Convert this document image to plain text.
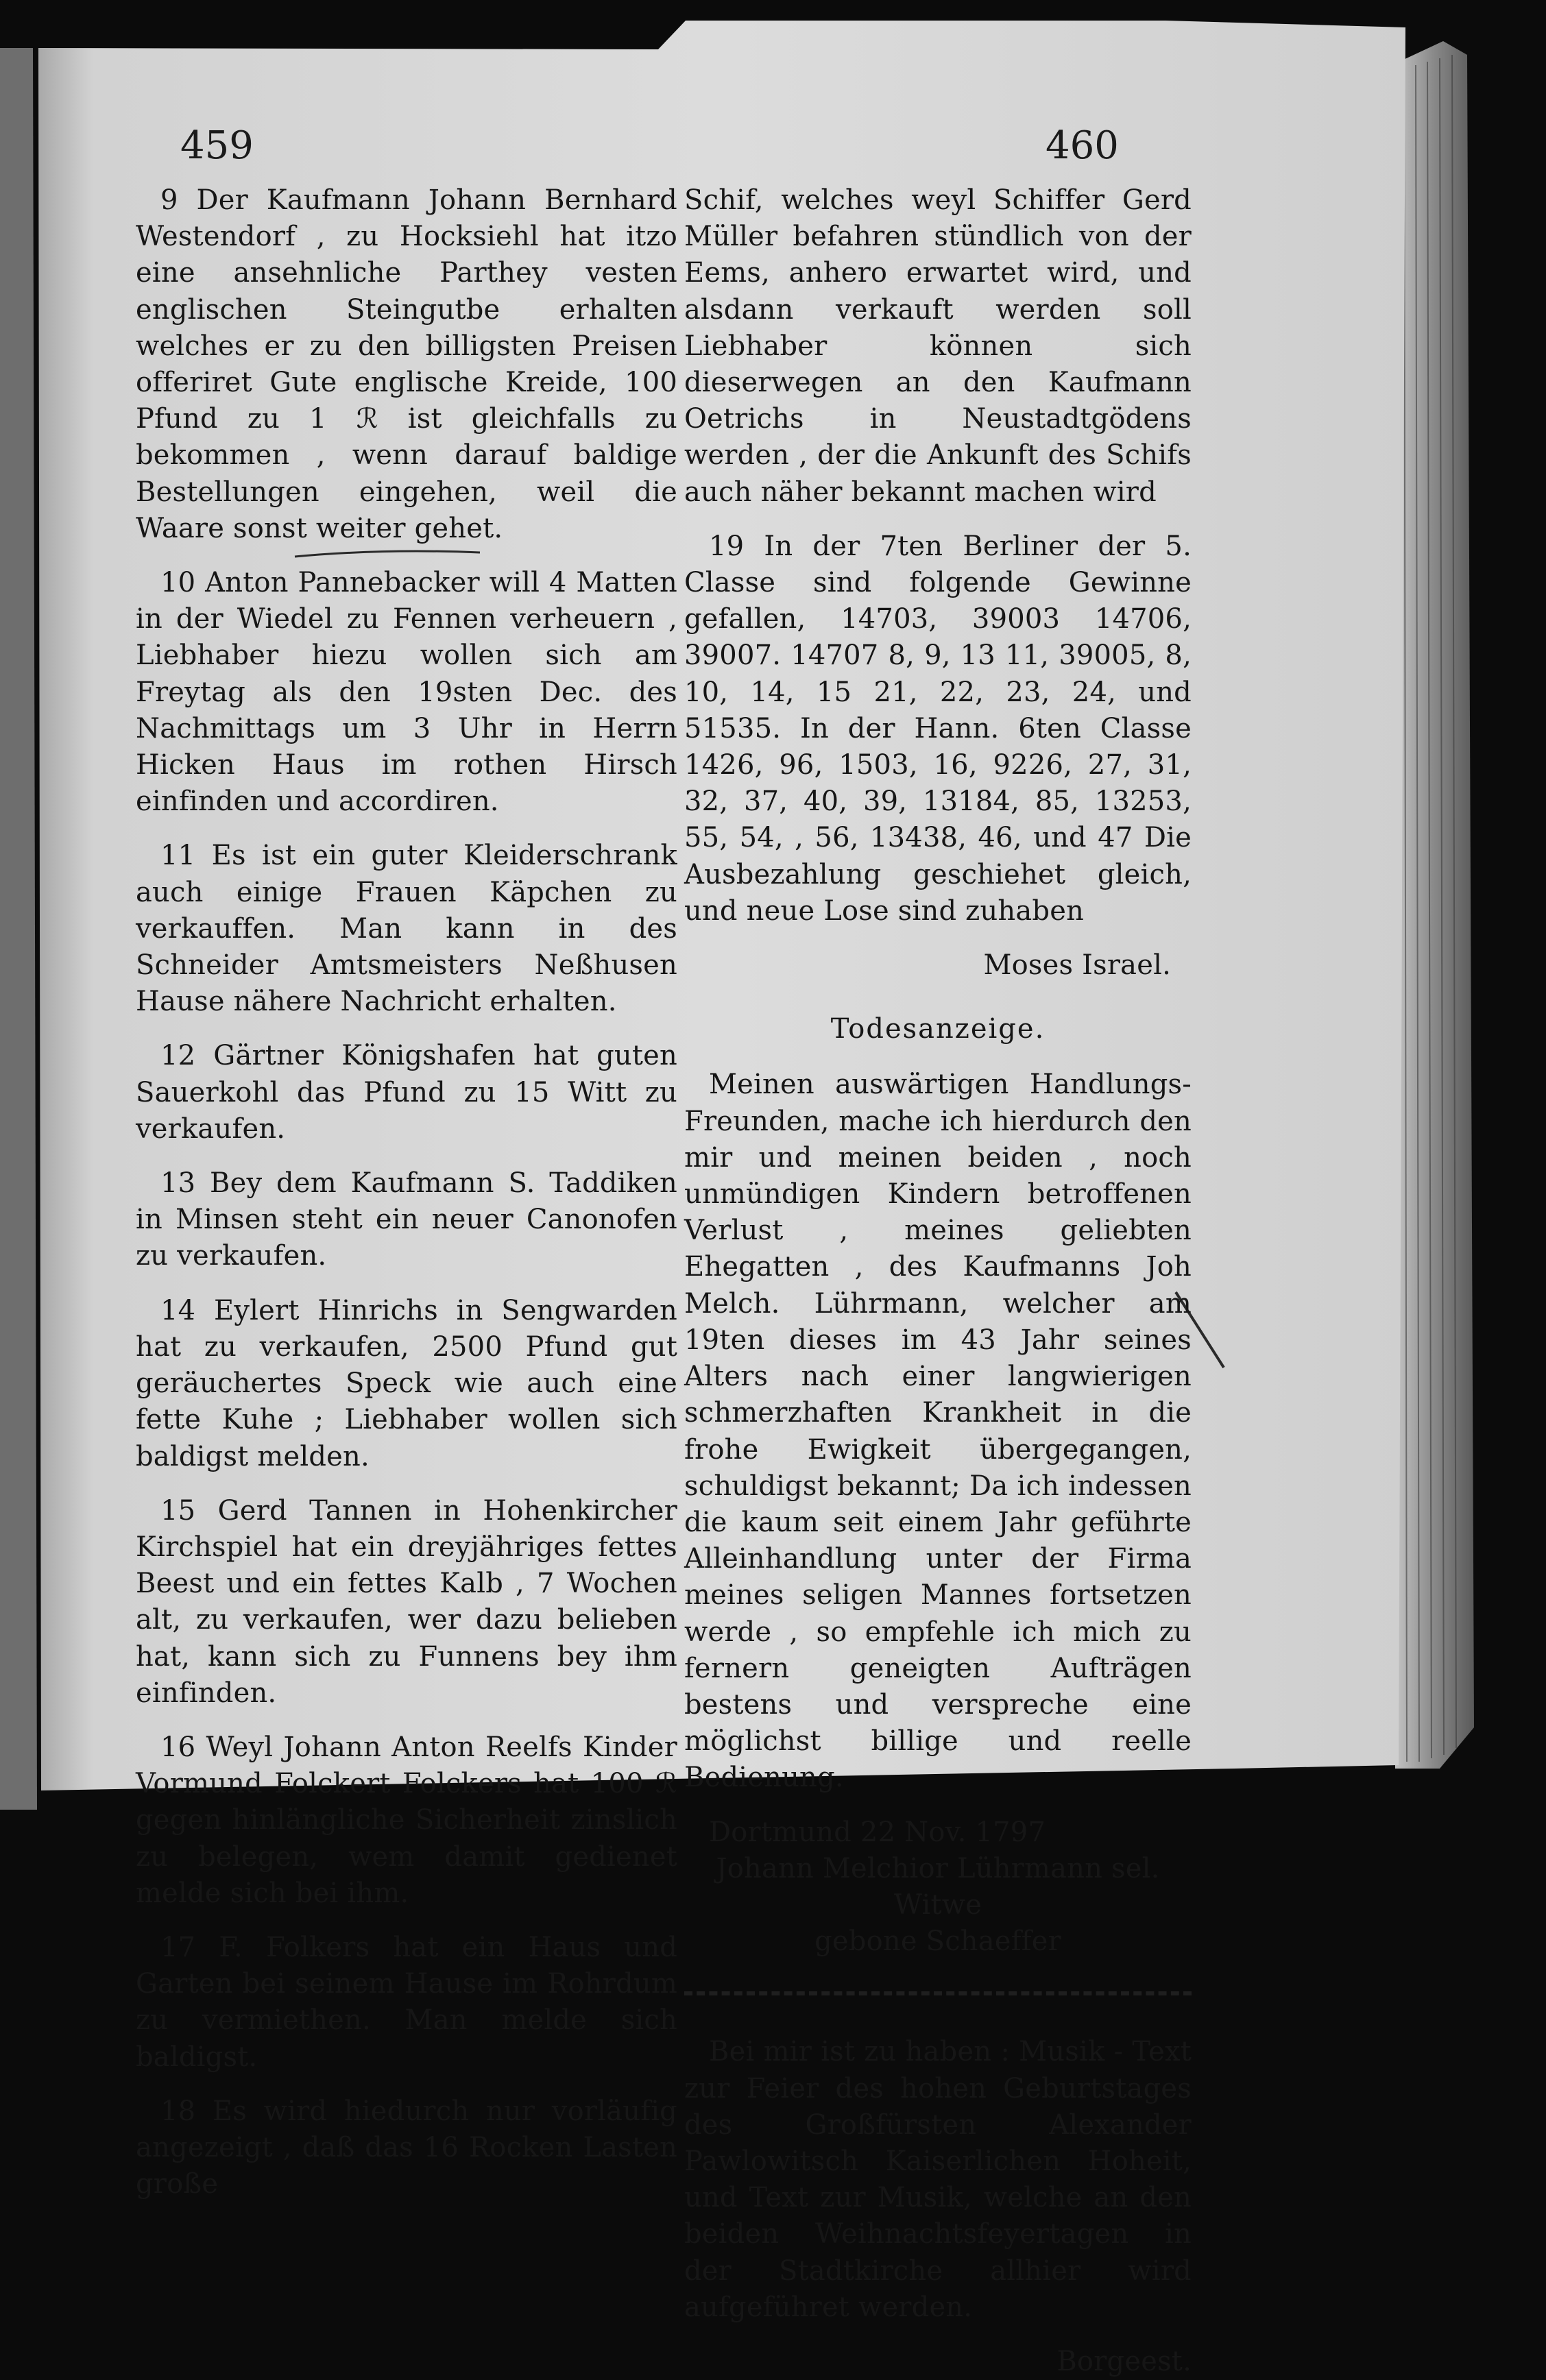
459	460

9 Der Kaufmann Johann Bernhard Westendorf , zu Hocksiehl hat itzo eine ansehnliche Parthey vesten englischen Steingutbe erhalten welches er zu den billigsten Preisen offeriret Gute englische Kreide, 100 Pfund zu 1 ℛ ist gleichfalls zu bekommen , wenn darauf baldige Bestellungen eingehen, weil die Waare sonst weiter gehet.

10 Anton Pannebacker will 4 Matten in der Wiedel zu Fennen verheuern , Liebhaber hiezu wollen sich am Freytag als den 19sten Dec. des Nachmittags um 3 Uhr in Herrn Hicken Haus im rothen Hirsch einfinden und accordiren.

11 Es ist ein guter Kleiderschrank auch einige Frauen Käpchen zu verkauffen. Man kann in des Schneider Amtsmeisters Neßhusen Hause nähere Nachricht erhalten.

12 Gärtner Königshafen hat guten Sauerkohl das Pfund zu 15 Witt zu verkaufen.

13 Bey dem Kaufmann S. Taddiken in Minsen steht ein neuer Canonofen zu verkaufen.

14 Eylert Hinrichs in Sengwarden hat zu verkaufen, 2500 Pfund gut geräuchertes Speck wie auch eine fette Kuhe ; Liebhaber wollen sich baldigst melden.

15 Gerd Tannen in Hohenkircher Kirchspiel hat ein dreyjähriges fettes Beest und ein fettes Kalb , 7 Wochen alt, zu verkaufen, wer dazu belieben hat, kann sich zu Funnens bey ihm einfinden.

16 Weyl Johann Anton Reelfs Kinder Vormund Folckert Folckers hat 100 ℛ gegen hinlängliche Sicherheit zinslich zu belegen, wem damit gedienet melde sich bei ihm.

17 F. Folkers hat ein Haus und Garten bei seinem Hause im Rohrdum zu vermiethen. Man melde sich baldigst.

18 Es wird hiedurch nur vorläufig angezeigt , daß das 16 Rocken Lasten große

Schif, welches weyl Schiffer Gerd Müller befahren stündlich von der Eems, anhero erwartet wird, und alsdann verkauft werden soll Liebhaber können sich dieserwegen an den Kaufmann Oetrichs in Neustadtgödens werden , der die Ankunft des Schifs auch näher bekannt machen wird

19 In der 7ten Berliner der 5. Classe sind folgende Gewinne gefallen, 14703, 39003 14706, 39007. 14707 8, 9, 13 11, 39005, 8, 10, 14, 15 21, 22, 23, 24, und 51535. In der Hann. 6ten Classe 1426, 96, 1503, 16, 9226, 27, 31, 32, 37, 40, 39, 13184, 85, 13253, 55, 54, , 56, 13438, 46, und 47 Die Ausbezahlung geschiehet gleich, und neue Lose sind zuhaben

Moses Israel.

Todesanzeige.

Meinen auswärtigen Handlungs-Freunden, mache ich hierdurch den mir und meinen beiden , noch unmündigen Kindern betroffenen Verlust , meines geliebten Ehegatten , des Kaufmanns Joh Melch. Lührmann, welcher am 19ten dieses im 43 Jahr seines Alters nach einer langwierigen schmerzhaften Krankheit in die frohe Ewigkeit übergegangen, schuldigst bekannt; Da ich indessen die kaum seit einem Jahr geführte Alleinhandlung unter der Firma meines seligen Mannes fortsetzen werde , so empfehle ich mich zu fernern geneigten Aufträgen bestens und verspreche eine möglichst billige und reelle Bedienung.

Dortmund 22 Nov. 1797

Johann Melchior Lührmann sel. Witwe

gebone Schaeffer

Bei mir ist zu haben : Musik - Text zur Feier des hohen Geburtstages des Großfürsten Alexander Pawlowitsch Kaiserlichen Hoheit, und Text zur Musik, welche an den beiden Weihnachtsfeyertagen in der Stadtkirche allhier wird aufgeführet werden.

Borgeest.
